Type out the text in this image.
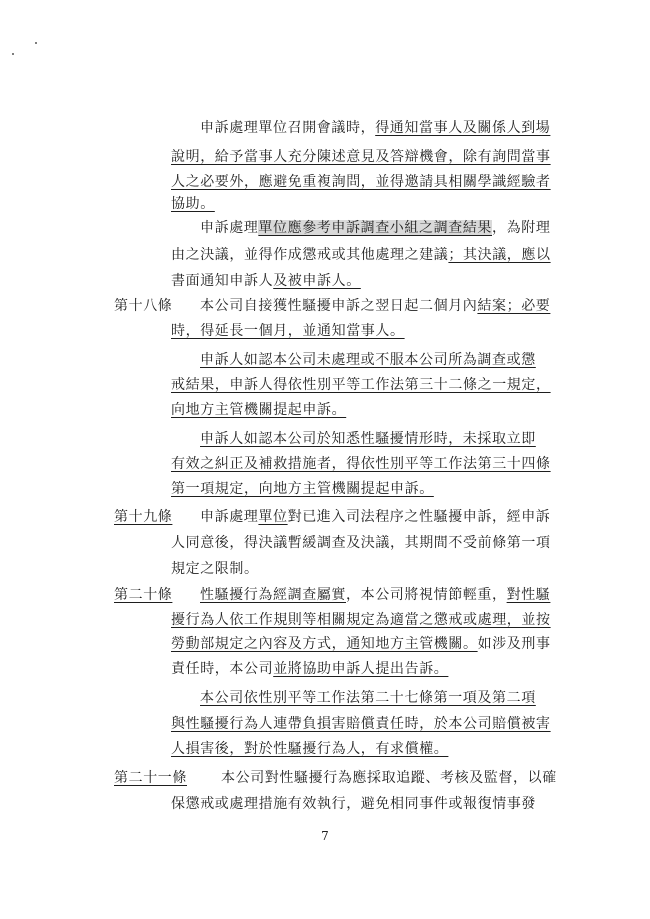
申訴處理單位召開會議時，得通知當事人及關係人到場
說明，給予當事人充分陳述意見及答辯機會，除有詢問當事
人之必要外，應避免重複詢問，並得邀請具相關學識經驗者
協助。
申訴處理單位應參考申訴調查小組之調查結果，為附理
由之決議，並得作成懲戒或其他處理之建議；其決議，應以
書面通知申訴人及被申訴人。
第十八條 本公司自接獲性騷擾申訴之翌日起二個月內結案；必要
時，得延長一個月，並通知當事人。
申訴人如認本公司未處理或不服本公司所為調查或懲
戒結果，申訴人得依性別平等工作法第三十二條之一規定，
向地方主管機關提起申訴。
申訴人如認本公司於知悉性騷擾情形時，未採取立即
有效之糾正及補救措施者，得依性別平等工作法第三十四條
第一項規定，向地方主管機關提起申訴。
第十九條 申訴處理單位對已進入司法程序之性騷擾申訴，經申訴
人同意後，得決議暫緩調查及決議，其期間不受前條第一項
規定之限制。
第二十條 性騷擾行為經調查屬實，本公司將視情節輕重，對性騷
擾行為人依工作規則等相關規定為適當之懲戒或處理，並按
勞動部規定之內容及方式，通知地方主管機關。如涉及刑事
責任時，本公司並將協助申訴人提出告訴。
本公司依性別平等工作法第二十七條第一項及第二項
與性騷擾行為人連帶負損害賠償責任時，於本公司賠償被害
人損害後，對於性騷擾行為人，有求償權。
第二十一條 本公司對性騷擾行為應採取追蹤、考核及監督，以確
保懲戒或處理措施有效執行，避免相同事件或報復情事發
7
